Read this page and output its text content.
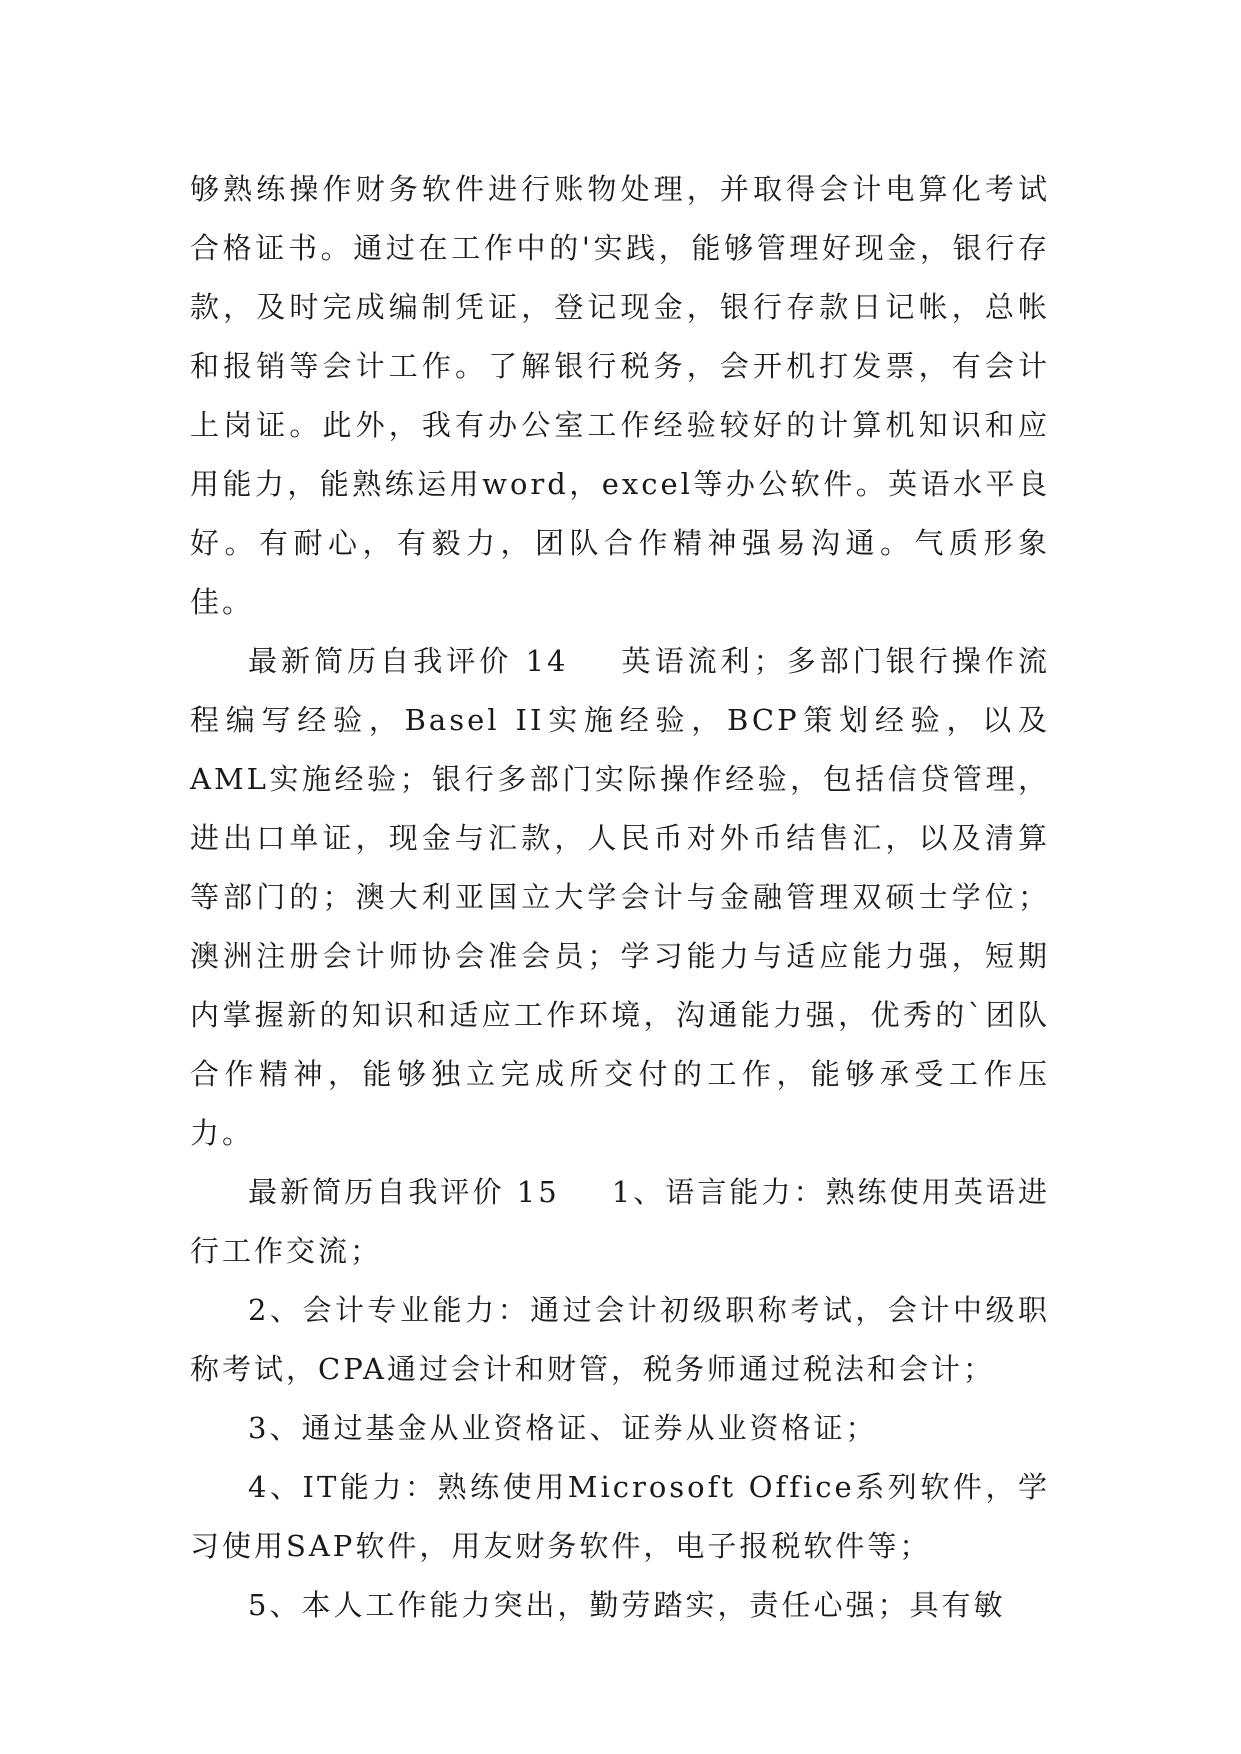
够熟练操作财务软件进行账物处理，并取得会计电算化考试合格证书。通过在工作中的'实践，能够管理好现金，银行存款，及时完成编制凭证，登记现金，银行存款日记帐，总帐和报销等会计工作。了解银行税务，会开机打发票，有会计上岗证。此外，我有办公室工作经验较好的计算机知识和应用能力，能熟练运用word，excel等办公软件。英语水平良好。有耐心，有毅力，团队合作精神强易沟通。气质形象佳。

最新简历自我评价 14 英语流利；多部门银行操作流程编写经验，Basel II实施经验，BCP策划经验，以及AML实施经验；银行多部门实际操作经验，包括信贷管理，进出口单证，现金与汇款，人民币对外币结售汇，以及清算等部门的；澳大利亚国立大学会计与金融管理双硕士学位；澳洲注册会计师协会准会员；学习能力与适应能力强，短期内掌握新的知识和适应工作环境，沟通能力强，优秀的`团队合作精神，能够独立完成所交付的工作，能够承受工作压力。

最新简历自我评价 15 1、语言能力：熟练使用英语进行工作交流；

2、会计专业能力：通过会计初级职称考试，会计中级职称考试，CPA通过会计和财管，税务师通过税法和会计；

3、通过基金从业资格证、证券从业资格证；

4、IT能力：熟练使用Microsoft Office系列软件，学习使用SAP软件，用友财务软件，电子报税软件等；

5、本人工作能力突出，勤劳踏实，责任心强；具有敏
